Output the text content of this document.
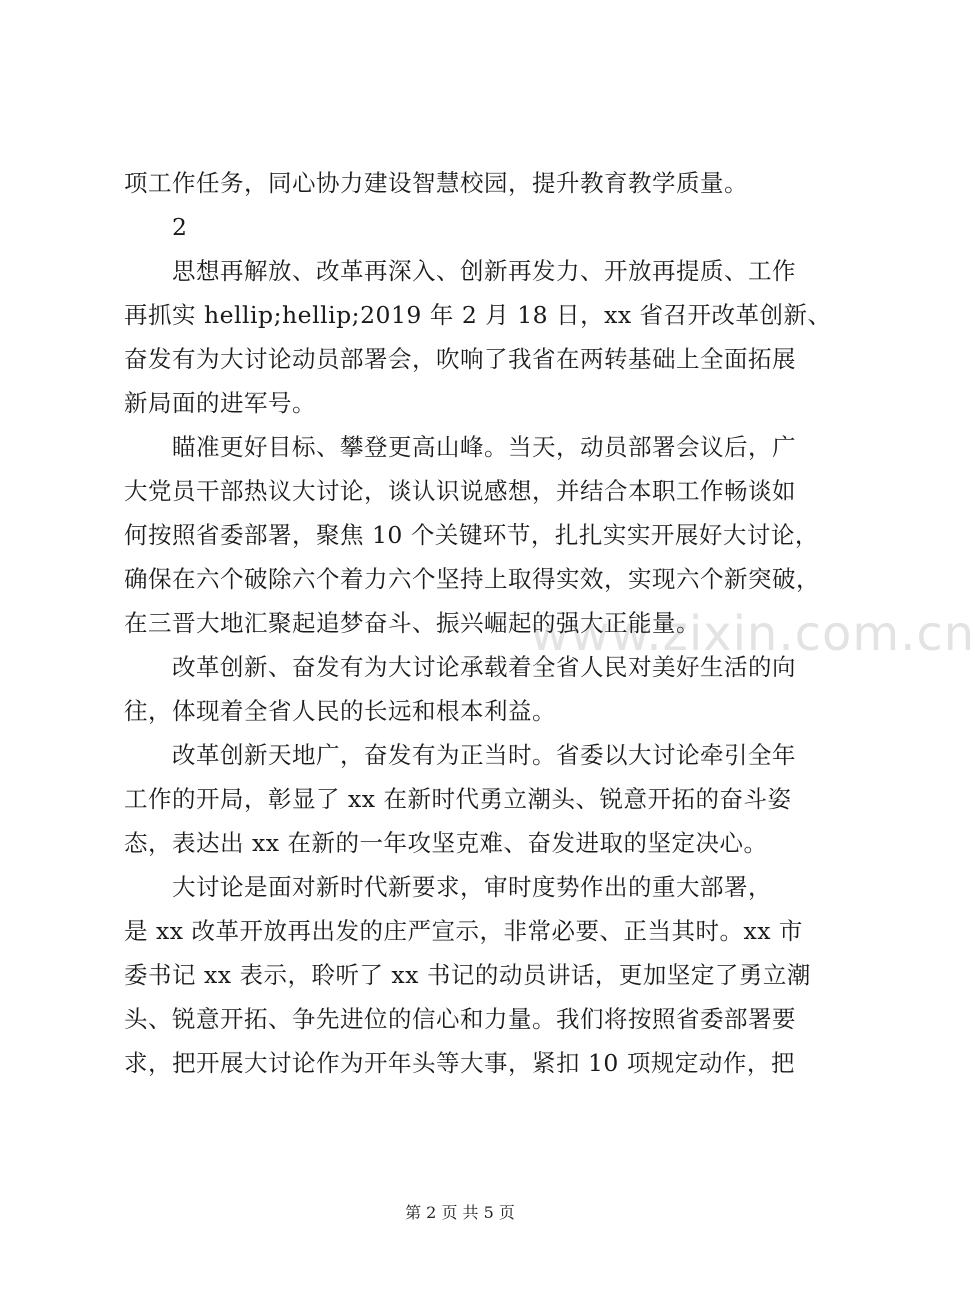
www.zixin.com.cn
项工作任务，同心协力建设智慧校园，提升教育教学质量。
2
思想再解放、改革再深入、创新再发力、开放再提质、工作
再抓实 hellip;hellip;2019 年 2 月 18 日，xx 省召开改革创新、
奋发有为大讨论动员部署会，吹响了我省在两转基础上全面拓展
新局面的进军号。
瞄准更好目标、攀登更高山峰。当天，动员部署会议后，广
大党员干部热议大讨论，谈认识说感想，并结合本职工作畅谈如
何按照省委部署，聚焦 10 个关键环节，扎扎实实开展好大讨论，
确保在六个破除六个着力六个坚持上取得实效，实现六个新突破，
在三晋大地汇聚起追梦奋斗、振兴崛起的强大正能量。
改革创新、奋发有为大讨论承载着全省人民对美好生活的向
往，体现着全省人民的长远和根本利益。
改革创新天地广，奋发有为正当时。省委以大讨论牵引全年
工作的开局，彰显了 xx 在新时代勇立潮头、锐意开拓的奋斗姿
态，表达出 xx 在新的一年攻坚克难、奋发进取的坚定决心。
大讨论是面对新时代新要求，审时度势作出的重大部署，
是 xx 改革开放再出发的庄严宣示，非常必要、正当其时。xx 市
委书记 xx 表示，聆听了 xx 书记的动员讲话，更加坚定了勇立潮
头、锐意开拓、争先进位的信心和力量。我们将按照省委部署要
求，把开展大讨论作为开年头等大事，紧扣 10 项规定动作，把
第 2 页 共 5 页
